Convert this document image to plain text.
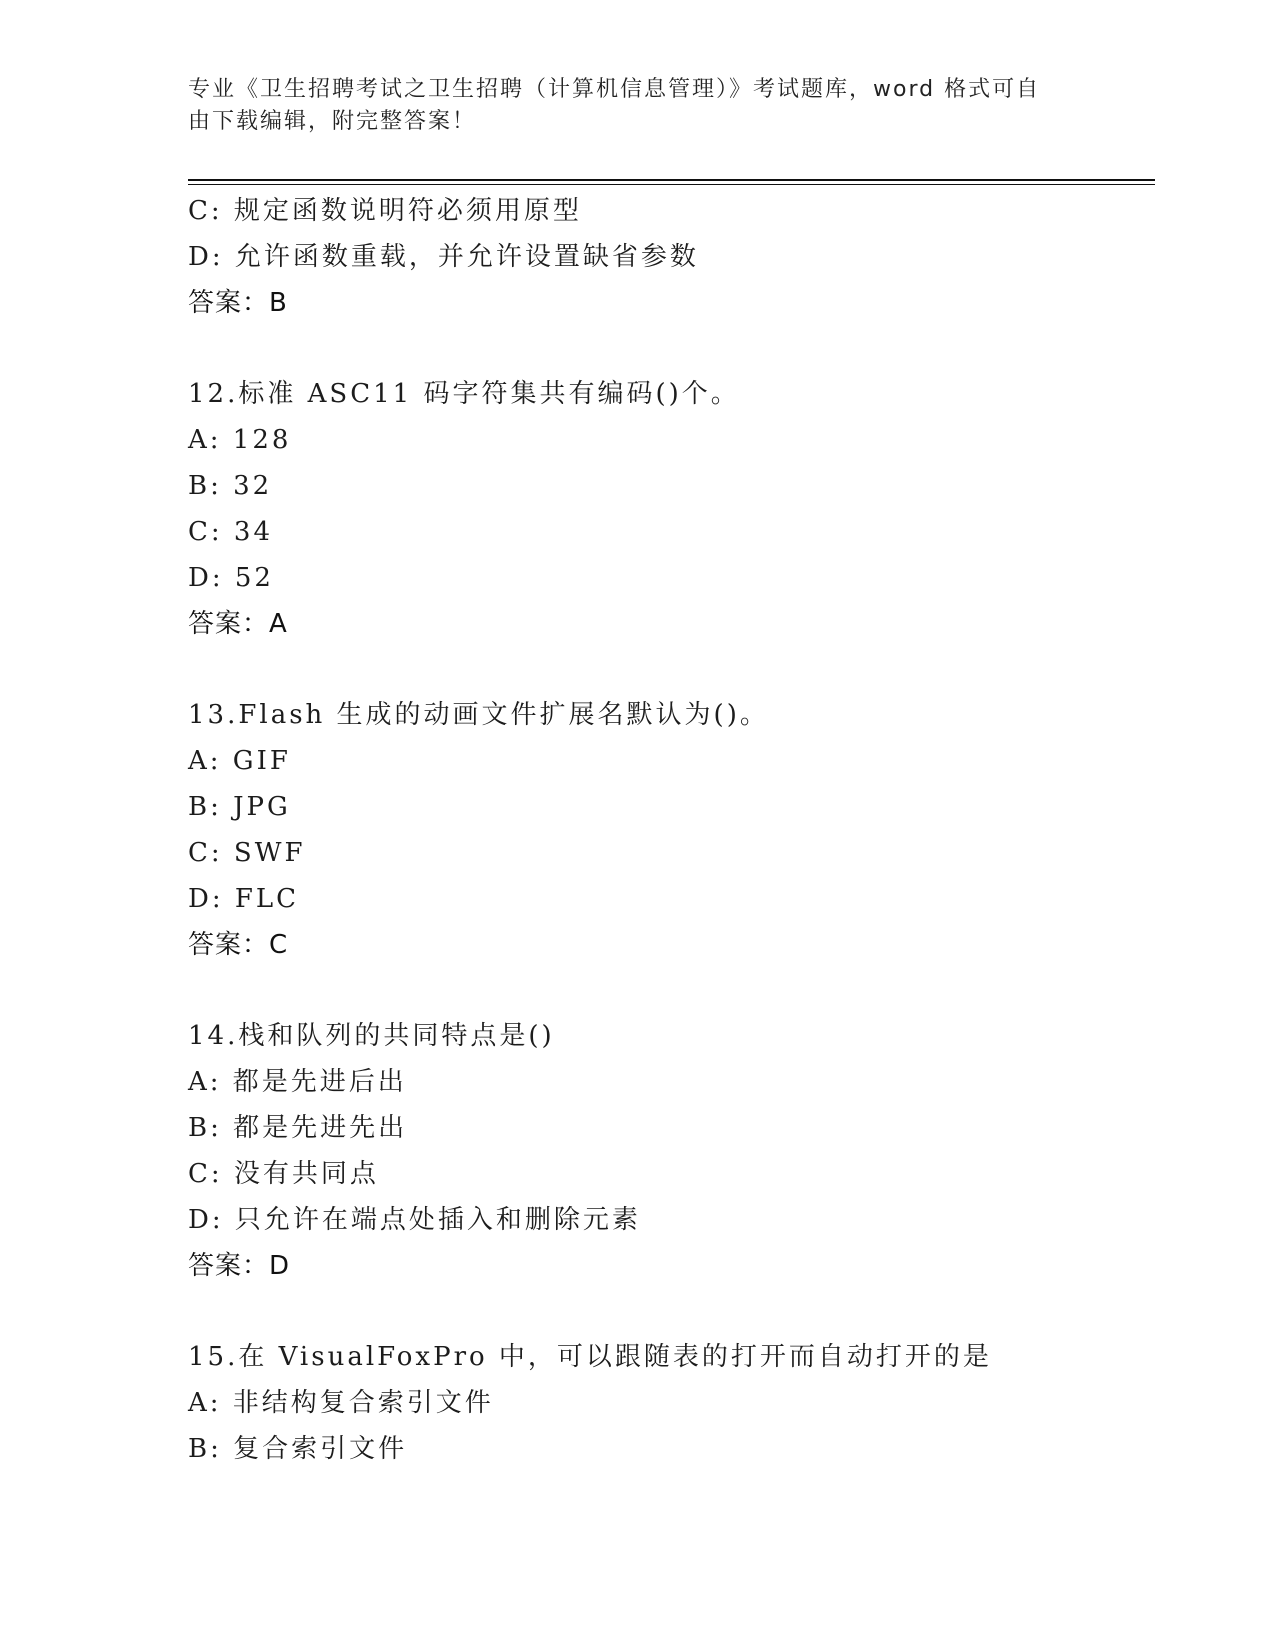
专业《卫生招聘考试之卫生招聘（计算机信息管理）》考试题库，word 格式可自
由下载编辑，附完整答案！
C: 规定函数说明符必须用原型
D: 允许函数重载，并允许设置缺省参数
答案：B
12.标准 ASC11 码字符集共有编码()个。
A: 128
B: 32
C: 34
D: 52
答案：A
13.Flash 生成的动画文件扩展名默认为()。
A: GIF
B: JPG
C: SWF
D: FLC
答案：C
14.栈和队列的共同特点是()
A: 都是先进后出
B: 都是先进先出
C: 没有共同点
D: 只允许在端点处插入和删除元素
答案：D
15.在 VisualFoxPro 中，可以跟随表的打开而自动打开的是
A: 非结构复合索引文件
B: 复合索引文件
